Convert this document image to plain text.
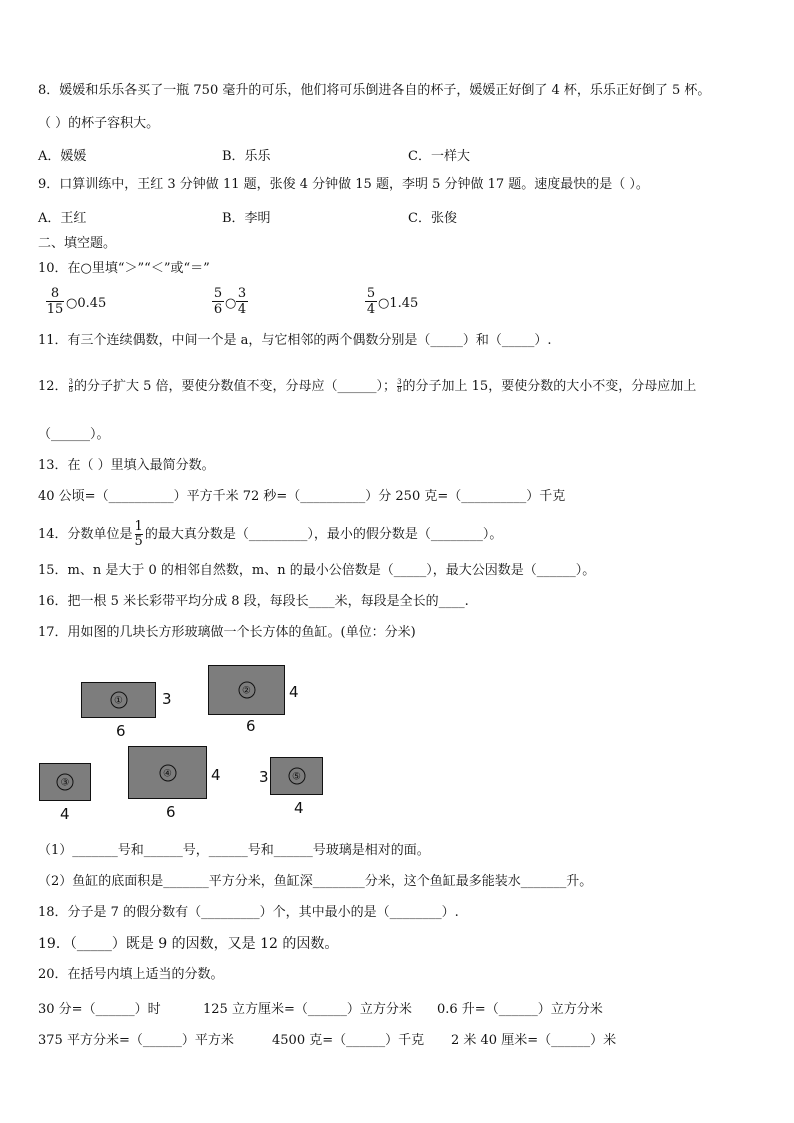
8．媛媛和乐乐各买了一瓶 750 毫升的可乐，他们将可乐倒进各自的杯子，媛媛正好倒了 4 杯，乐乐正好倒了 5 杯。
（ ）的杯子容积大。
A．媛媛	B．乐乐	C．一样大
9．口算训练中，王红 3 分钟做 11 题，张俊 4 分钟做 15 题，李明 5 分钟做 17 题。速度最快的是（ ）。
A．王红	B．李明	C．张俊
二、填空题。
10．在○里填“＞”“＜”或“＝”
$\frac{8}{15}$ ○0.45	$\frac{5}{6}$ ○ $\frac{3}{4}$	$\frac{5}{4}$ ○1.45
11．有三个连续偶数，中间一个是 a，与它相邻的两个偶数分别是（_____）和（_____）.
12． $\frac{3}{8}$ 的分子扩大 5 倍，要使分数值不变，分母应（______）； $\frac{3}{8}$ 的分子加上 15，要使分数的大小不变，分母应加上
（______）。
13．在（ ）里填入最简分数。
40 公顷=（__________）平方千米 72 秒=（__________）分 250 克=（__________）千克
14．分数单位是 $\frac{1}{5}$ 的最大真分数是（_________），最小的假分数是（________）。
15．m、n 是大于 0 的相邻自然数，m、n 的最小公倍数是（_____），最大公因数是（______）。
16．把一根 5 米长彩带平均分成 8 段，每段长____米，每段是全长的____.
17．用如图的几块长方形玻璃做一个长方体的鱼缸。(单位：分米)
①	3
6
②	4
6
③
4
④	4
6
⑤
3
4
（1）_______号和______号，______号和______号玻璃是相对的面。
（2）鱼缸的底面积是_______平方分米，鱼缸深________分米，这个鱼缸最多能装水_______升。
18．分子是 7 的假分数有（_________）个，其中最小的是（________）.
19．（_____）既是 9 的因数，又是 12 的因数。
20．在括号内填上适当的分数。
30 分=（______）时	125 立方厘米=（______）立方分米 0.6 升=（______）立方分米
375 平方分米=（______）平方米	4500 克=（______）千克 2 米 40 厘米=（______）米
